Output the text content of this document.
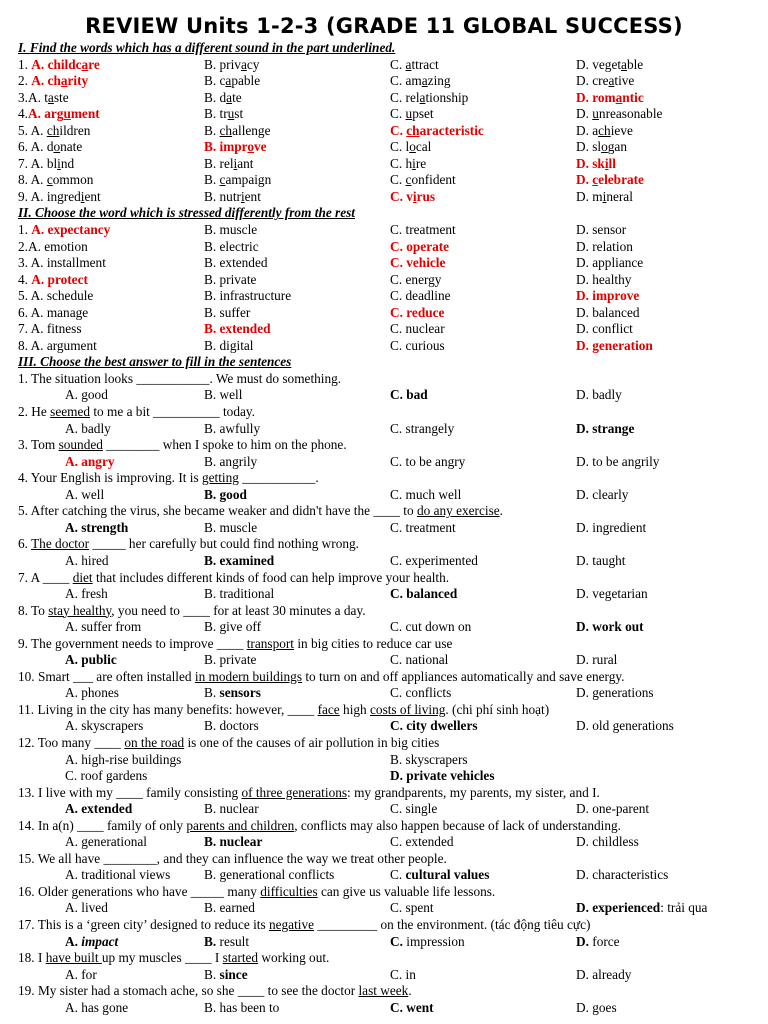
REVIEW Units 1-2-3 (GRADE 11 GLOBAL SUCCESS)
I. Find the words which has a different sound in the part underlined.
1. A. childcare	B. privacy	C. attract	D. vegetable
2. A. charity	B. capable	C. amazing	D. creative
3.A. taste	B. date	C. relationship	D. romantic
4.A. argument	B. trust	C. upset	D. unreasonable
5. A. children	B. challenge	C. characteristic	D. achieve
6. A. donate	B. improve	C. local	D. slogan
7. A. blind	B. reliant	C. hire	D. skill
8. A. common	B. campaign	C. confident	D. celebrate
9. A. ingredient	B. nutrient	C. virus	D. mineral
II. Choose the word which is stressed differently from the rest
1. A. expectancy	B. muscle	C. treatment	D. sensor
2.A. emotion	B. electric	C. operate	D. relation
3. A. installment	B. extended	C. vehicle	D. appliance
4. A. protect	B. private	C. energy	D. healthy
5. A. schedule	B. infrastructure	C. deadline	D. improve
6. A. manage	B. suffer	C. reduce	D. balanced
7. A. fitness	B. extended	C. nuclear	D. conflict
8. A. argument	B. digital	C. curious	D. generation
III. Choose the best answer to fill in the sentences
1. The situation looks ___________. We must do something.
A. good	B. well	C. bad	D. badly
2. He seemed to me a bit __________ today.
A. badly	B. awfully	C. strangely	D. strange
3. Tom sounded ________ when I spoke to him on the phone.
A. angry	B. angrily	C. to be angry	D. to be angrily
4. Your English is improving. It is getting ___________.
A. well	B. good	C. much well	D. clearly
5. After catching the virus, she became weaker and didn't have the ____ to do any exercise.
A. strength	B. muscle	C. treatment	D. ingredient
6. The doctor _____ her carefully but could find nothing wrong.
A. hired	B. examined	C. experimented	D. taught
7. A ____ diet that includes different kinds of food can help improve your health.
A. fresh	B. traditional	C. balanced	D. vegetarian
8. To stay healthy, you need to ____ for at least 30 minutes a day.
A. suffer from	B. give off	C. cut down on	D. work out
9. The government needs to improve ____ transport in big cities to reduce car use
A. public	B. private	C. national	D. rural
10. Smart ___ are often installed in modern buildings to turn on and off appliances automatically and save energy.
A. phones	B. sensors	C. conflicts	D. generations
11. Living in the city has many benefits: however, ____ face high costs of living. (chi phí sinh hoạt)
A. skyscrapers	B. doctors	C. city dwellers	D. old generations
12. Too many ____ on the road is one of the causes of air pollution in big cities
A. high-rise buildings	B. skyscrapers
C. roof gardens	D. private vehicles
13. I live with my ____ family consisting of three generations: my grandparents, my parents, my sister, and I.
A. extended	B. nuclear	C. single	D. one-parent
14. In a(n) ____ family of only parents and children, conflicts may also happen because of lack of understanding.
A. generational	B. nuclear	C. extended	D. childless
15. We all have ________, and they can influence the way we treat other people.
A. traditional views	B. generational conflicts	C. cultural values	D. characteristics
16. Older generations who have _____ many difficulties can give us valuable life lessons.
A. lived	B. earned	C. spent	D. experienced: trải qua
17. This is a ‘green city’ designed to reduce its negative _________ on the environment. (tác động tiêu cực)
A. impact	B. result	C. impression	D. force
18. I have built up my muscles ____ I started working out.
A. for	B. since	C. in	D. already
19. My sister had a stomach ache, so she ____ to see the doctor last week.
A. has gone	B. has been to	C. went	D. goes
